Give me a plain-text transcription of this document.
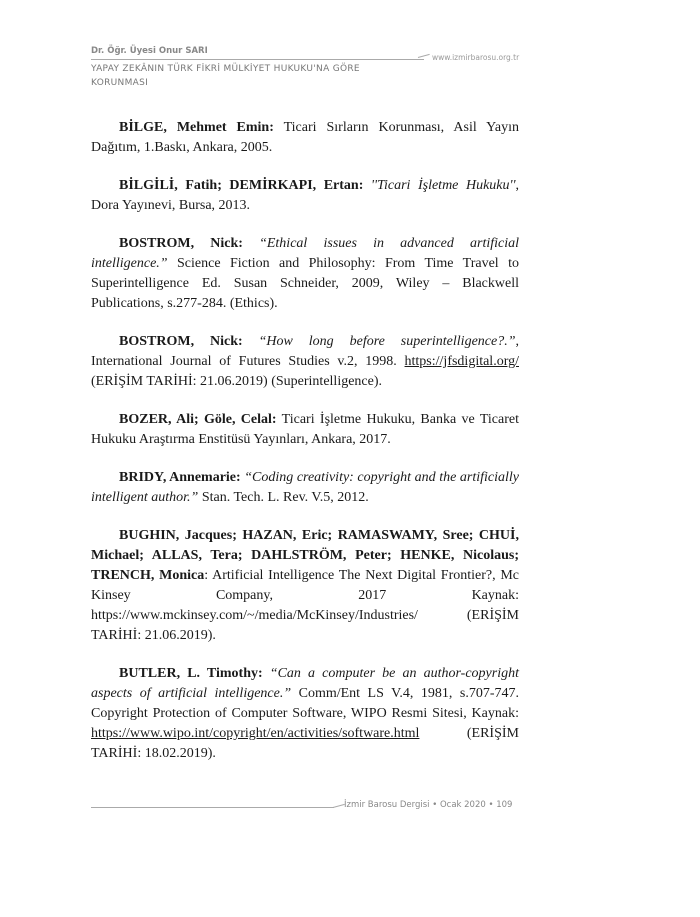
Dr. Öğr. Üyesi Onur SARI
www.izmirbarosu.org.tr
YAPAY ZEKÂNIN TÜRK FİKRİ MÜLKİYET HUKUKU'NA GÖRE KORUNMASI

BİLGE, Mehmet Emin: Ticari Sırların Korunması, Asil Yayın Dağıtım, 1.Baskı, Ankara, 2005.

BİLGİLİ, Fatih; DEMİRKAPI, Ertan: ''Ticari İşletme Hukuku'', Dora Yayınevi, Bursa, 2013.

BOSTROM, Nick: “Ethical issues in advanced artificial intelligence.” Science Fiction and Philosophy: From Time Travel to Superintelligence Ed. Susan Schneider, 2009, Wiley – Blackwell Publications, s.277-284. (Ethics).

BOSTROM, Nick: “How long before superintelligence?.”, International Journal of Futures Studies v.2, 1998. https://jfsdigital.org/ (ERİŞİM TARİHİ: 21.06.2019) (Superintelligence).

BOZER, Ali; Göle, Celal: Ticari İşletme Hukuku, Banka ve Ticaret Hukuku Araştırma Enstitüsü Yayınları, Ankara, 2017.

BRIDY, Annemarie: “Coding creativity: copyright and the artificially intelligent author.” Stan. Tech. L. Rev. V.5, 2012.

BUGHIN, Jacques; HAZAN, Eric; RAMASWAMY, Sree; CHUİ, Michael; ALLAS, Tera; DAHLSTRÖM, Peter; HENKE, Nicolaus; TRENCH, Monica: Artificial Intelligence The Next Digital Frontier?, Mc Kinsey Company, 2017 Kaynak: https://www.mckinsey.com/~/media/McKinsey/Industries/ (ERİŞİM TARİHİ: 21.06.2019).

BUTLER, L. Timothy: “Can a computer be an author-copyright aspects of artificial intelligence.” Comm/Ent LS V.4, 1981, s.707-747. Copyright Protection of Computer Software, WIPO Resmi Sitesi, Kaynak: https://www.wipo.int/copyright/en/activities/software.html (ERİŞİM TARİHİ: 18.02.2019).

İzmir Barosu Dergisi • Ocak 2020 • 109
